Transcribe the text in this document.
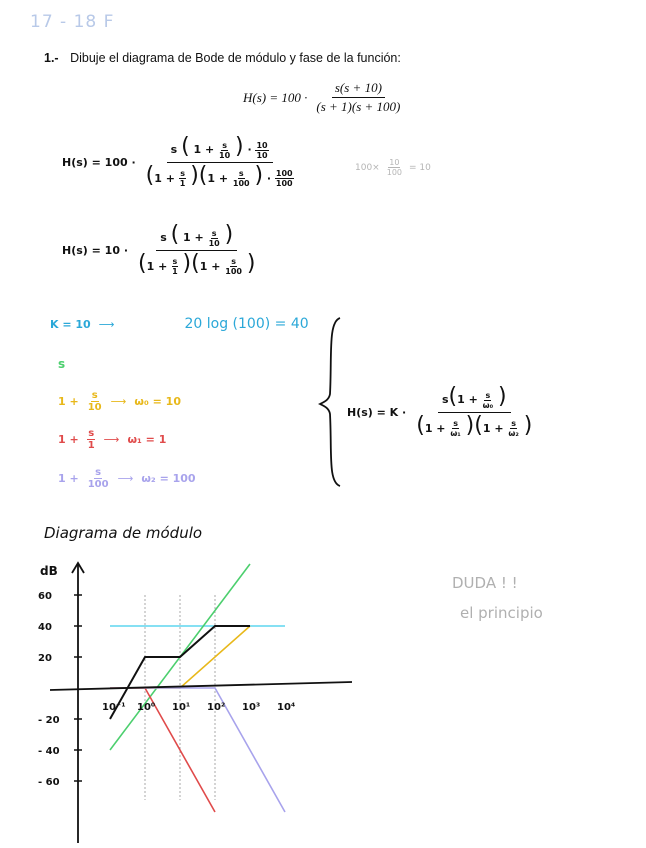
17 - 18 F
1.- Dibuje el diagrama de Bode de módulo y fase de la función:
$H(s) = 100 \cdot \frac{s(s + 10)}{(s + 1)(s + 100)}$
$H(s) = 100 \cdot \frac{s ( 1 + \frac{s}{10} ) \cdot \frac{10}{10}}{(1 + \frac{s}{1} )(1 + \frac{s}{100} ) \cdot \frac{100}{100}}$	$100\times \frac{10}{100} = 10$
$H(s) = 10 \cdot \frac{s ( 1 + \frac{s}{10} )}{(1 + \frac{s}{1} )(1 + \frac{s}{100} )}$
K = 10 ⟶	20 log (100) = 40
s
$1 + \frac{s}{10}$ ⟶ ω₀ = 10
$1 + \frac{s}{1}$ ⟶ ω₁ = 1
$1 + \frac{s}{100}$ ⟶ ω₂ = 100
$H(s) = K \cdot \frac{s(1 + \frac{s}{\text{ω₀}} )}{(1 + \frac{s}{\text{ω₁}} )(1 + \frac{s}{\text{ω₂}} )}$
Diagrama de módulo
DUDA ! !
el principio
dB
60
40
20
- 20
- 40
- 60
10⁻¹ 10⁰ 10¹ 10² 10³ 10⁴
